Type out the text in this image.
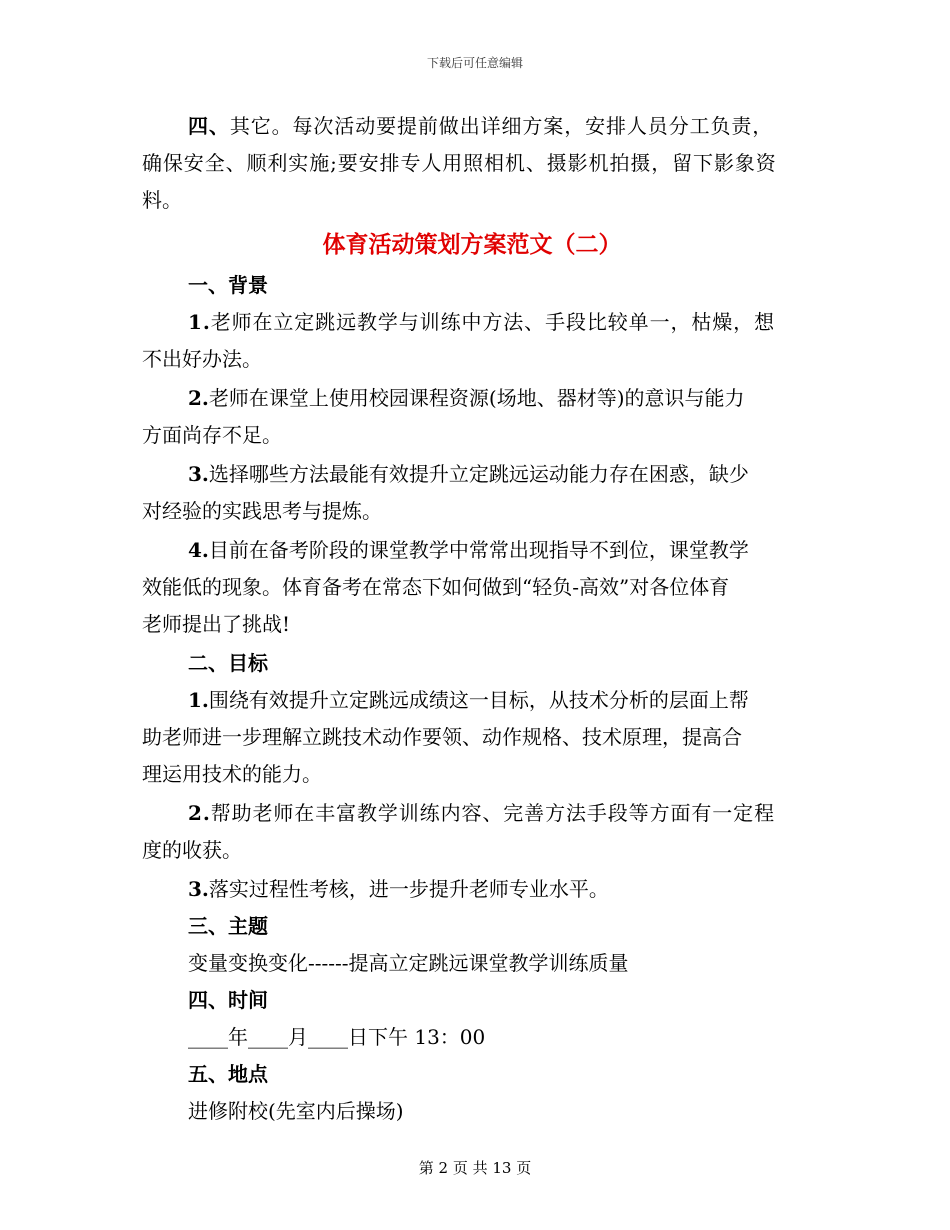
下载后可任意编辑
四、其它。每次活动要提前做出详细方案，安排人员分工负责，
确保安全、顺利实施;要安排专人用照相机、摄影机拍摄，留下影象资
料。
体育活动策划方案范文（二）
一、背景
1.老师在立定跳远教学与训练中方法、手段比较单一，枯燥，想
不出好办法。
2.老师在课堂上使用校园课程资源(场地、器材等)的意识与能力
方面尚存不足。
3.选择哪些方法最能有效提升立定跳远运动能力存在困惑，缺少
对经验的实践思考与提炼。
4.目前在备考阶段的课堂教学中常常出现指导不到位，课堂教学
效能低的现象。体育备考在常态下如何做到“轻负-高效”对各位体育
老师提出了挑战!
二、目标
1.围绕有效提升立定跳远成绩这一目标，从技术分析的层面上帮
助老师进一步理解立跳技术动作要领、动作规格、技术原理，提高合
理运用技术的能力。
2.帮助老师在丰富教学训练内容、完善方法手段等方面有一定程
度的收获。
3.落实过程性考核，进一步提升老师专业水平。
三、主题
变量变换变化------提高立定跳远课堂教学训练质量
四、时间
____年____月____日下午 13：00
五、地点
进修附校(先室内后操场)
第 2 页 共 13 页
